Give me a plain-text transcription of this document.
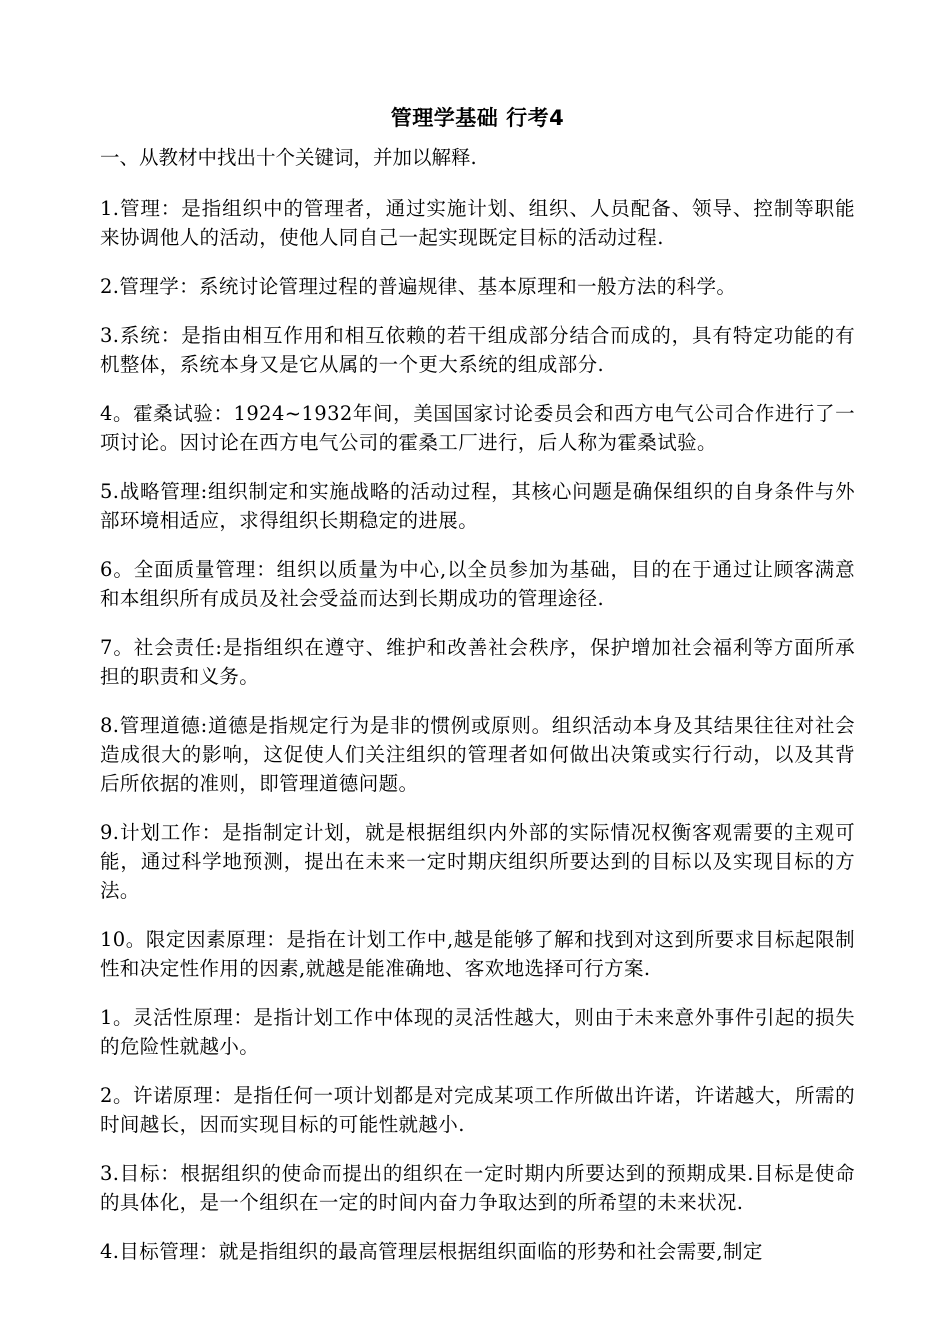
管理学基础 行考4

一、从教材中找出十个关键词，并加以解释.

1.管理：是指组织中的管理者，通过实施计划、组织、人员配备、领导、控制等职能来协调他人的活动，使他人同自己一起实现既定目标的活动过程.

2.管理学：系统讨论管理过程的普遍规律、基本原理和一般方法的科学。

3.系统：是指由相互作用和相互依赖的若干组成部分结合而成的，具有特定功能的有机整体，系统本身又是它从属的一个更大系统的组成部分.

4。霍桑试验：1924~1932年间，美国国家讨论委员会和西方电气公司合作进行了一项讨论。因讨论在西方电气公司的霍桑工厂进行，后人称为霍桑试验。

5.战略管理:组织制定和实施战略的活动过程，其核心问题是确保组织的自身条件与外部环境相适应，求得组织长期稳定的进展。

6。全面质量管理：组织以质量为中心,以全员参加为基础，目的在于通过让顾客满意和本组织所有成员及社会受益而达到长期成功的管理途径.

7。社会责任:是指组织在遵守、维护和改善社会秩序，保护增加社会福利等方面所承担的职责和义务。

8.管理道德:道德是指规定行为是非的惯例或原则。组织活动本身及其结果往往对社会造成很大的影响，这促使人们关注组织的管理者如何做出决策或实行行动，以及其背后所依据的准则，即管理道德问题。

9.计划工作：是指制定计划，就是根据组织内外部的实际情况权衡客观需要的主观可能，通过科学地预测，提出在未来一定时期庆组织所要达到的目标以及实现目标的方法。

10。限定因素原理：是指在计划工作中,越是能够了解和找到对这到所要求目标起限制性和决定性作用的因素,就越是能准确地、客欢地选择可行方案.

1。灵活性原理：是指计划工作中体现的灵活性越大，则由于未来意外事件引起的损失的危险性就越小。

2。许诺原理：是指任何一项计划都是对完成某项工作所做出许诺，许诺越大，所需的时间越长，因而实现目标的可能性就越小.

3.目标：根据组织的使命而提出的组织在一定时期内所要达到的预期成果.目标是使命的具体化，是一个组织在一定的时间内奋力争取达到的所希望的未来状况.

4.目标管理：就是指组织的最高管理层根据组织面临的形势和社会需要,制定
